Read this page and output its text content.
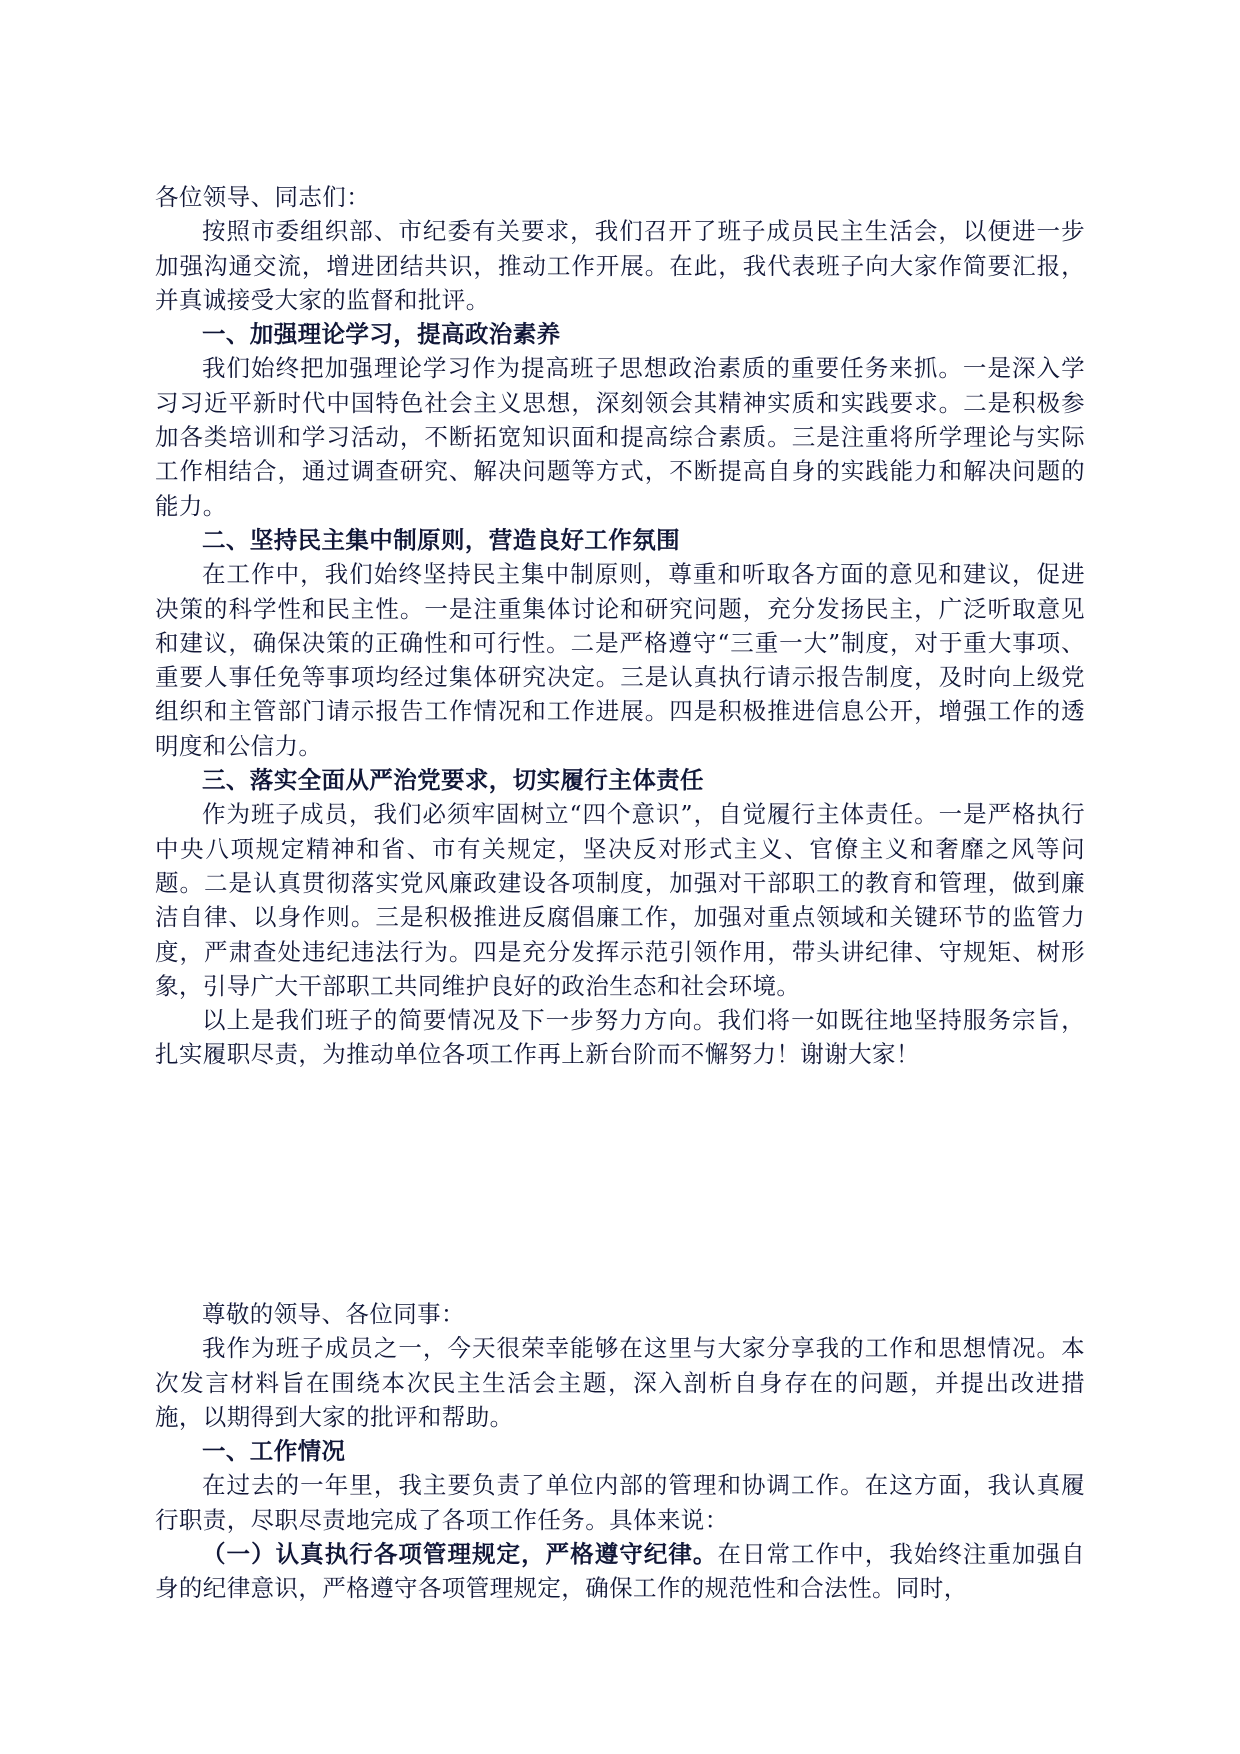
各位领导、同志们：

按照市委组织部、市纪委有关要求，我们召开了班子成员民主生活会，以便进一步加强沟通交流，增进团结共识，推动工作开展。在此，我代表班子向大家作简要汇报，并真诚接受大家的监督和批评。

一、加强理论学习，提高政治素养

我们始终把加强理论学习作为提高班子思想政治素质的重要任务来抓。一是深入学习习近平新时代中国特色社会主义思想，深刻领会其精神实质和实践要求。二是积极参加各类培训和学习活动，不断拓宽知识面和提高综合素质。三是注重将所学理论与实际工作相结合，通过调查研究、解决问题等方式，不断提高自身的实践能力和解决问题的能力。

二、坚持民主集中制原则，营造良好工作氛围

在工作中，我们始终坚持民主集中制原则，尊重和听取各方面的意见和建议，促进决策的科学性和民主性。一是注重集体讨论和研究问题，充分发扬民主，广泛听取意见和建议，确保决策的正确性和可行性。二是严格遵守“三重一大”制度，对于重大事项、重要人事任免等事项均经过集体研究决定。三是认真执行请示报告制度，及时向上级党组织和主管部门请示报告工作情况和工作进展。四是积极推进信息公开，增强工作的透明度和公信力。

三、落实全面从严治党要求，切实履行主体责任

作为班子成员，我们必须牢固树立“四个意识”，自觉履行主体责任。一是严格执行中央八项规定精神和省、市有关规定，坚决反对形式主义、官僚主义和奢靡之风等问题。二是认真贯彻落实党风廉政建设各项制度，加强对干部职工的教育和管理，做到廉洁自律、以身作则。三是积极推进反腐倡廉工作，加强对重点领域和关键环节的监管力度，严肃查处违纪违法行为。四是充分发挥示范引领作用，带头讲纪律、守规矩、树形象，引导广大干部职工共同维护良好的政治生态和社会环境。

以上是我们班子的简要情况及下一步努力方向。我们将一如既往地坚持服务宗旨，扎实履职尽责，为推动单位各项工作再上新台阶而不懈努力！谢谢大家！

尊敬的领导、各位同事：

我作为班子成员之一，今天很荣幸能够在这里与大家分享我的工作和思想情况。本次发言材料旨在围绕本次民主生活会主题，深入剖析自身存在的问题，并提出改进措施，以期得到大家的批评和帮助。

一、工作情况

在过去的一年里，我主要负责了单位内部的管理和协调工作。在这方面，我认真履行职责，尽职尽责地完成了各项工作任务。具体来说：

（一）认真执行各项管理规定，严格遵守纪律。在日常工作中，我始终注重加强自身的纪律意识，严格遵守各项管理规定，确保工作的规范性和合法性。同时，
